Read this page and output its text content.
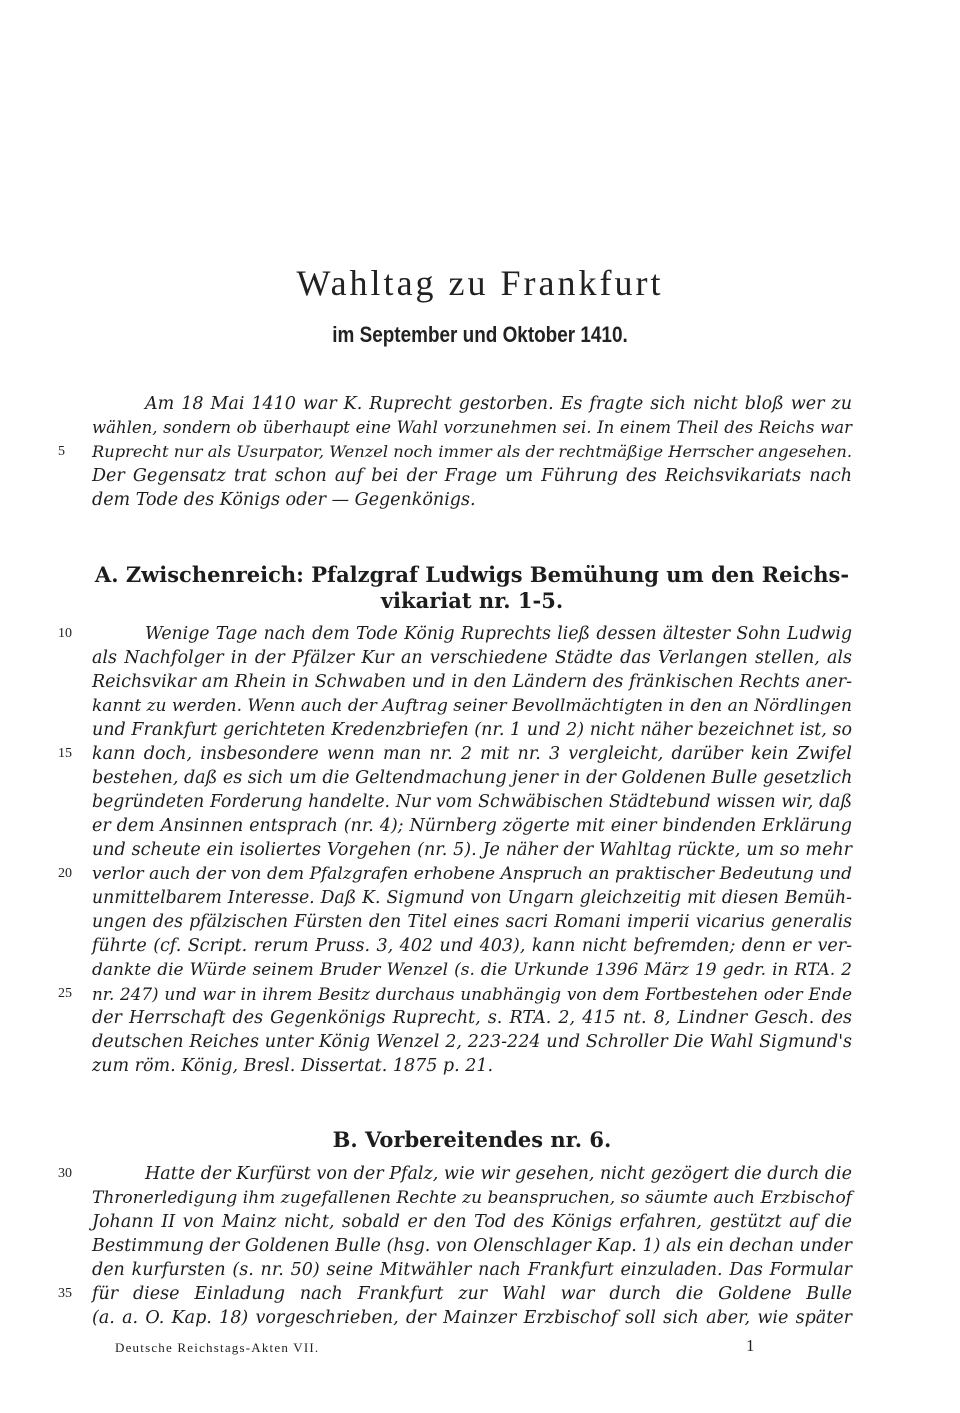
Wahltag zu Frankfurt
im September und Oktober 1410.
Am 18 Mai 1410 war K. Ruprecht gestorben. Es fragte sich nicht bloß wer zu
wählen, sondern ob überhaupt eine Wahl vorzunehmen sei. In einem Theil des Reichs war
5	Ruprecht nur als Usurpator, Wenzel noch immer als der rechtmäßige Herrscher angesehen.
Der Gegensatz trat schon auf bei der Frage um Führung des Reichsvikariats nach
dem Tode des Königs oder — Gegenkönigs.
A. Zwischenreich: Pfalzgraf Ludwigs Bemühung um den Reichs-
vikariat nr. 1-5.
10	Wenige Tage nach dem Tode König Ruprechts ließ dessen ältester Sohn Ludwig
als Nachfolger in der Pfälzer Kur an verschiedene Städte das Verlangen stellen, als
Reichsvikar am Rhein in Schwaben und in den Ländern des fränkischen Rechts aner-
kannt zu werden. Wenn auch der Auftrag seiner Bevollmächtigten in den an Nördlingen
und Frankfurt gerichteten Kredenzbriefen (nr. 1 und 2) nicht näher bezeichnet ist, so
15	kann doch, insbesondere wenn man nr. 2 mit nr. 3 vergleicht, darüber kein Zwifel
bestehen, daß es sich um die Geltendmachung jener in der Goldenen Bulle gesetzlich
begründeten Forderung handelte. Nur vom Schwäbischen Städtebund wissen wir, daß
er dem Ansinnen entsprach (nr. 4); Nürnberg zögerte mit einer bindenden Erklärung
und scheute ein isoliertes Vorgehen (nr. 5). Je näher der Wahltag rückte, um so mehr
20	verlor auch der von dem Pfalzgrafen erhobene Anspruch an praktischer Bedeutung und
unmittelbarem Interesse. Daß K. Sigmund von Ungarn gleichzeitig mit diesen Bemüh-
ungen des pfälzischen Fürsten den Titel eines sacri Romani imperii vicarius generalis
führte (cf. Script. rerum Pruss. 3, 402 und 403), kann nicht befremden; denn er ver-
dankte die Würde seinem Bruder Wenzel (s. die Urkunde 1396 März 19 gedr. in RTA. 2
25	nr. 247) und war in ihrem Besitz durchaus unabhängig von dem Fortbestehen oder Ende
der Herrschaft des Gegenkönigs Ruprecht, s. RTA. 2, 415 nt. 8, Lindner Gesch. des
deutschen Reiches unter König Wenzel 2, 223-224 und Schroller Die Wahl Sigmund's
zum röm. König, Bresl. Dissertat. 1875 p. 21.
B. Vorbereitendes nr. 6.
30	Hatte der Kurfürst von der Pfalz, wie wir gesehen, nicht gezögert die durch die
Thronerledigung ihm zugefallenen Rechte zu beanspruchen, so säumte auch Erzbischof
Johann II von Mainz nicht, sobald er den Tod des Königs erfahren, gestützt auf die
Bestimmung der Goldenen Bulle (hsg. von Olenschlager Kap. 1) als ein dechan under
den kurfursten (s. nr. 50) seine Mitwähler nach Frankfurt einzuladen. Das Formular
35	für diese Einladung nach Frankfurt zur Wahl war durch die Goldene Bulle
(a. a. O. Kap. 18) vorgeschrieben, der Mainzer Erzbischof soll sich aber, wie später
Deutsche Reichstags-Akten VII.	1
